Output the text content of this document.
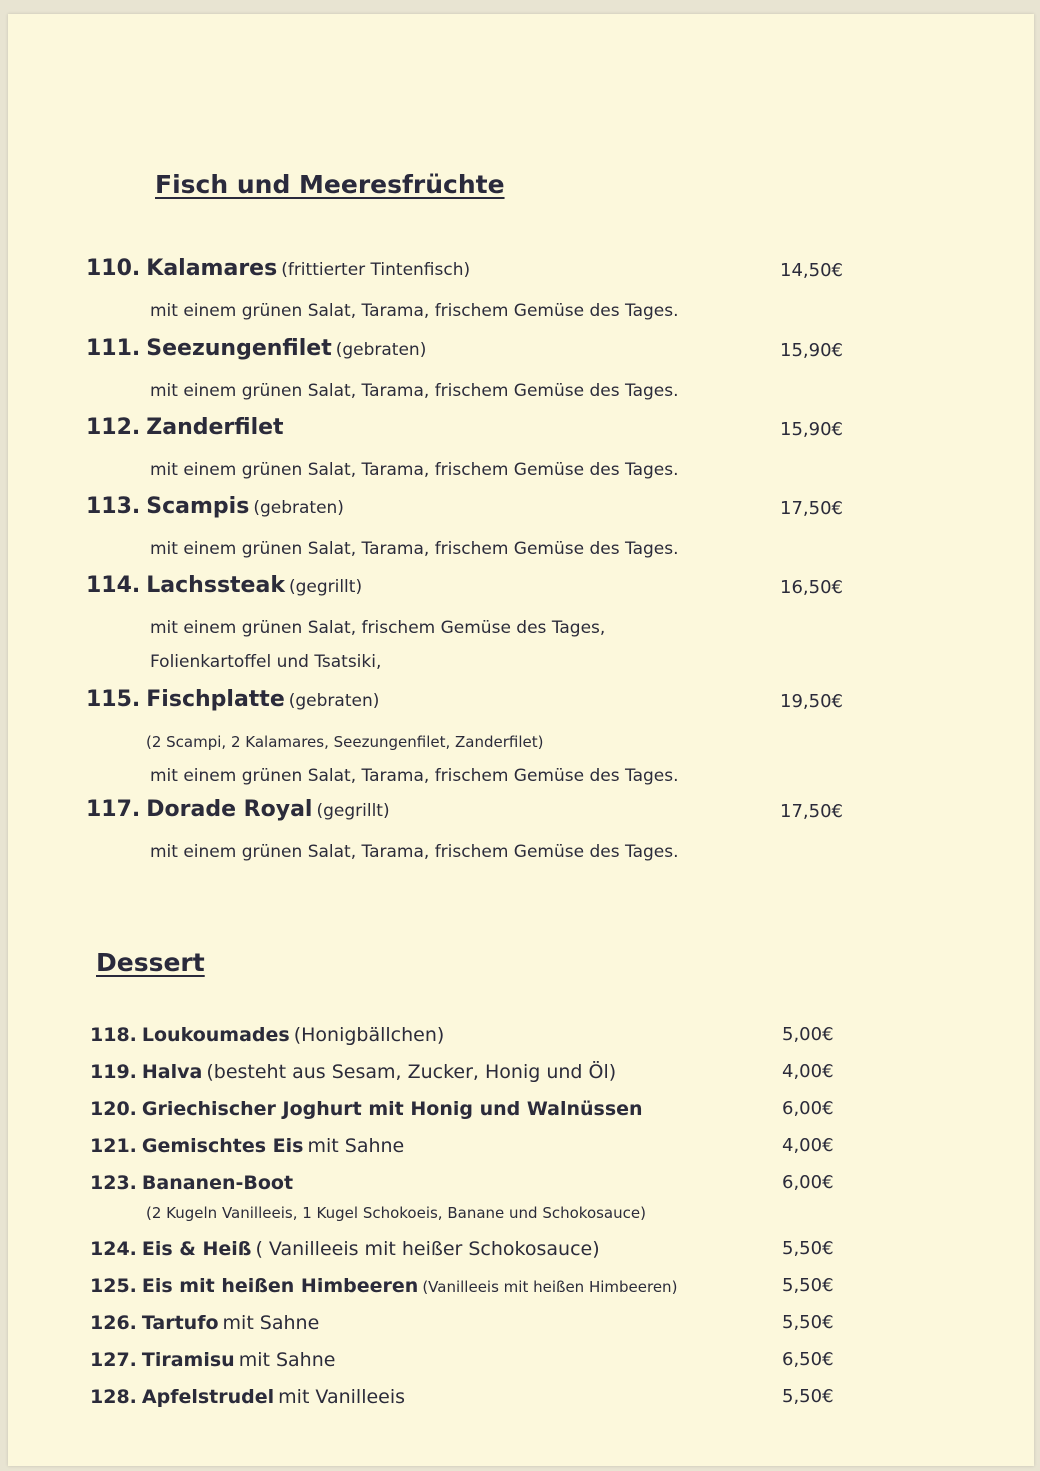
Fisch und Meeresfrüchte
110. Kalamares (frittierter Tintenfisch)	14,50€
mit einem grünen Salat, Tarama, frischem Gemüse des Tages.
111. Seezungenfilet (gebraten)	15,90€
mit einem grünen Salat, Tarama, frischem Gemüse des Tages.
112. Zanderfilet	15,90€
mit einem grünen Salat, Tarama, frischem Gemüse des Tages.
113. Scampis (gebraten)	17,50€
mit einem grünen Salat, Tarama, frischem Gemüse des Tages.
114. Lachssteak (gegrillt)	16,50€
mit einem grünen Salat, frischem Gemüse des Tages,
Folienkartoffel und Tsatsiki,
115. Fischplatte (gebraten)	19,50€
(2 Scampi, 2 Kalamares, Seezungenfilet, Zanderfilet)
mit einem grünen Salat, Tarama, frischem Gemüse des Tages.
117. Dorade Royal (gegrillt)	17,50€
mit einem grünen Salat, Tarama, frischem Gemüse des Tages.
Dessert
118. Loukoumades (Honigbällchen)	5,00€
119. Halva (besteht aus Sesam, Zucker, Honig und Öl)	4,00€
120. Griechischer Joghurt mit Honig und Walnüssen	6,00€
121. Gemischtes Eis mit Sahne	4,00€
123. Bananen-Boot	6,00€
(2 Kugeln Vanilleeis, 1 Kugel Schokoeis, Banane und Schokosauce)
124. Eis & Heiß ( Vanilleeis mit heißer Schokosauce)	5,50€
125. Eis mit heißen Himbeeren (Vanilleeis mit heißen Himbeeren)	5,50€
126. Tartufo mit Sahne	5,50€
127. Tiramisu mit Sahne	6,50€
128. Apfelstrudel mit Vanilleeis	5,50€
